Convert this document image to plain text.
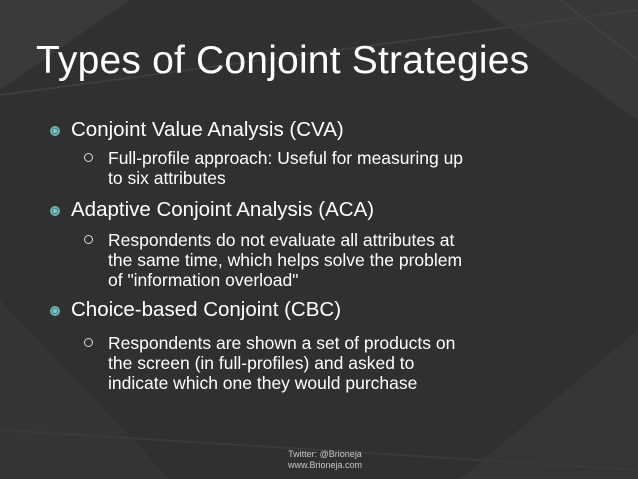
Types of Conjoint Strategies
Conjoint Value Analysis (CVA)
Full-profile approach: Useful for measuring up
to six attributes
Adaptive Conjoint Analysis (ACA)
Respondents do not evaluate all attributes at
the same time, which helps solve the problem
of "information overload"
Choice-based Conjoint (CBC)
Respondents are shown a set of products on
the screen (in full-profiles) and asked to
indicate which one they would purchase
Twitter: @Brioneja
www.Brioneja.com
